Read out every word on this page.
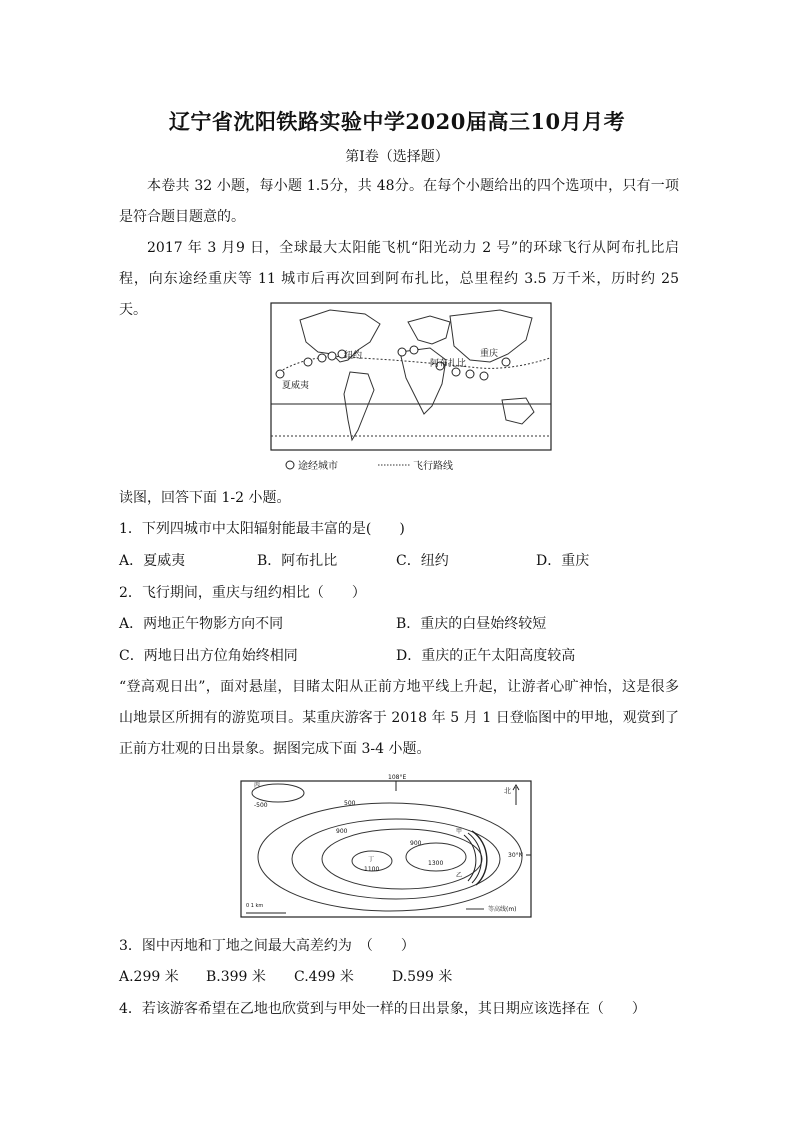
辽宁省沈阳铁路实验中学2020届高三10月月考
第Ⅰ卷（选择题）
本卷共 32 小题，每小题 1.5分，共 48分。在每个小题给出的四个选项中，只有一项是符合题目题意的。
2017 年 3 月9 日，全球最大太阳能飞机“阳光动力 2 号”的环球飞行从阿布扎比启程，向东途经重庆等 11 城市后再次回到阿布扎比，总里程约 3.5 万千米，历时约 25 天。
纽约
夏威夷
阿布扎比
重庆
途经城市	飞行路线
读图，回答下面 1-2 小题。
1．下列四城市中太阳辐射能最丰富的是(　　)
A．夏威夷	B．阿布扎比	C．纽约	D．重庆
2．飞行期间，重庆与纽约相比（　　）
A．两地正午物影方向不同	B．重庆的白昼始终较短
C．两地日出方位角始终相同	D．重庆的正午太阳高度较高
“登高观日出”，面对悬崖，目睹太阳从正前方地平线上升起，让游者心旷神怡，这是很多山地景区所拥有的游览项目。某重庆游客于 2018 年 5 月 1 日登临图中的甲地，观赏到了正前方壮观的日出景象。据图完成下面 3-4 小题。
108°E
30°N
北
丙
-500	500
900
900
1300
丁
1100
甲
乙
0 1 km	等高线(m)
3．图中丙地和丁地之间最大高差约为　（　　）
A.299 米 B.399 米 C.499 米	D.599 米
4．若该游客希望在乙地也欣赏到与甲处一样的日出景象，其日期应该选择在（　　）
